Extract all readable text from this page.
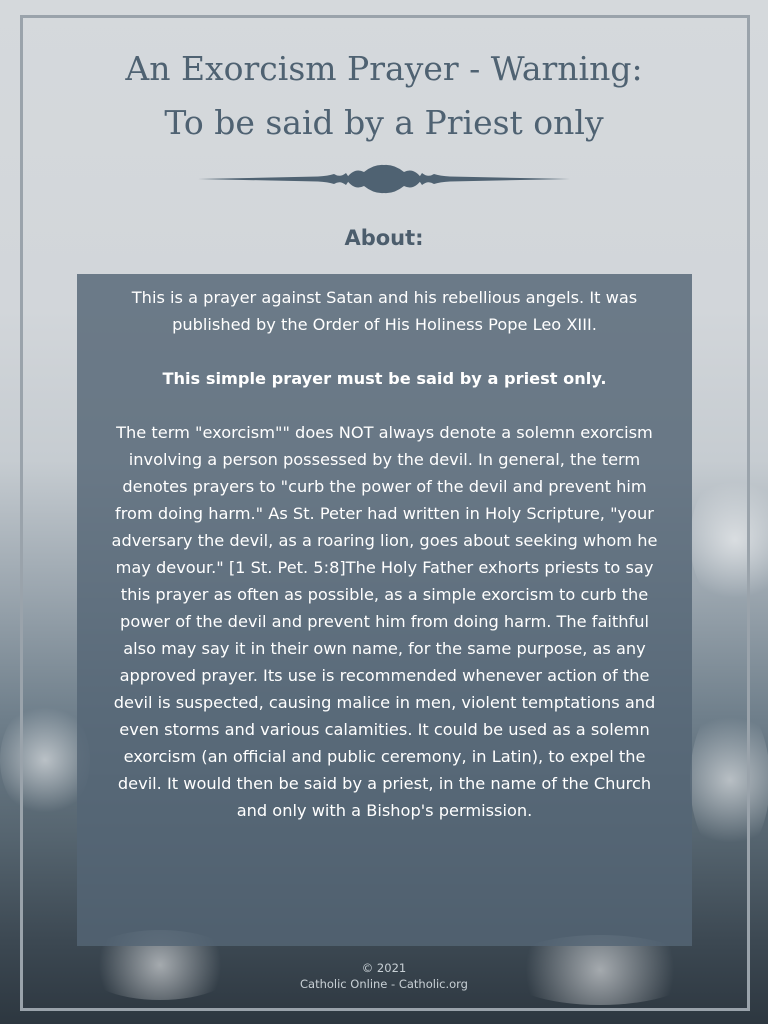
An Exorcism Prayer - Warning:
To be said by a Priest only
About:

This is a prayer against Satan and his rebellious angels. It was published by the Order of His Holiness Pope Leo XIII.

This simple prayer must be said by a priest only.

The term "exorcism"" does NOT always denote a solemn exorcism involving a person possessed by the devil. In general, the term denotes prayers to "curb the power of the devil and prevent him from doing harm." As St. Peter had written in Holy Scripture, "your adversary the devil, as a roaring lion, goes about seeking whom he may devour." [1 St. Pet. 5:8]The Holy Father exhorts priests to say this prayer as often as possible, as a simple exorcism to curb the power of the devil and prevent him from doing harm. The faithful also may say it in their own name, for the same purpose, as any approved prayer. Its use is recommended whenever action of the devil is suspected, causing malice in men, violent temptations and even storms and various calamities. It could be used as a solemn exorcism (an official and public ceremony, in Latin), to expel the devil. It would then be said by a priest, in the name of the Church and only with a Bishop's permission.

© 2021
Catholic Online - Catholic.org
